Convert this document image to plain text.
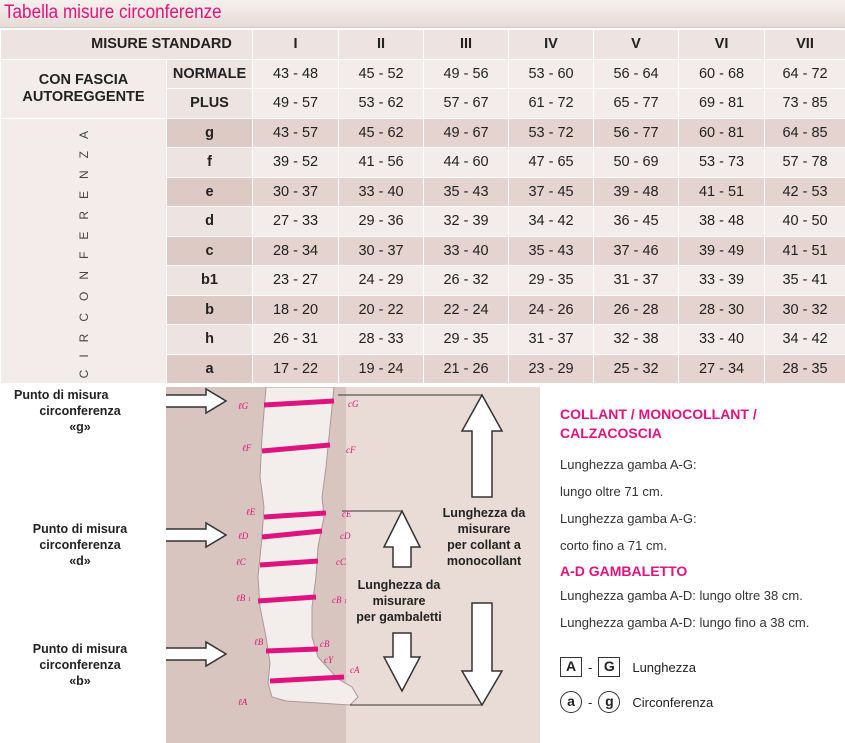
Tabella misure circonferenze
MISURE STANDARD		I	II	III	IV	V	VI	VII

CON FASCIA
AUTOREGGENTE	NORMALE	43 - 48	45 - 52	49 - 56	53 - 60	56 - 64	60 - 68	64 - 72
	PLUS	49 - 57	53 - 62	57 - 67	61 - 72	65 - 77	69 - 81	73 - 85
CIRCONFERENZA	g	43 - 57	45 - 62	49 - 67	53 - 72	56 - 77	60 - 81	64 - 85
	f	39 - 52	41 - 56	44 - 60	47 - 65	50 - 69	53 - 73	57 - 78
	e	30 - 37	33 - 40	35 - 43	37 - 45	39 - 48	41 - 51	42 - 53
	d	27 - 33	29 - 36	32 - 39	34 - 42	36 - 45	38 - 48	40 - 50
	c	28 - 34	30 - 37	33 - 40	35 - 43	37 - 46	39 - 49	41 - 51
	b1	23 - 27	24 - 29	26 - 32	29 - 35	31 - 37	33 - 39	35 - 41
	b	18 - 20	20 - 22	22 - 24	24 - 26	26 - 28	28 - 30	30 - 32
	h	26 - 31	28 - 33	29 - 35	31 - 37	32 - 38	33 - 40	34 - 42
	a	17 - 22	19 - 24	21 - 26	23 - 29	25 - 32	27 - 34	28 - 35
ℓG
ℓF
ℓE
ℓD
ℓC
ℓB 1
ℓB
ℓA
cG
cF
cE
cD
cC
cB 1
cB
cY
cA
Lunghezza da
misurare
per collant a
monocollant
Lunghezza da
misurare
per gambaletti
Punto di misura
circonferenza
«g»
Punto di misura
circonferenza
«d»
Punto di misura
circonferenza
«b»
COLLANT / MONOCOLLANT /
CALZACOSCIA
Lunghezza gamba A-G:
lungo oltre 71 cm.
Lunghezza gamba A-G:
corto fino a 71 cm.
A-D GAMBALETTO
Lunghezza gamba A-D: lungo oltre 38 cm.
Lunghezza gamba A-D: lungo fino a 38 cm.
A - G	Lunghezza
a	- g	Circonferenza
